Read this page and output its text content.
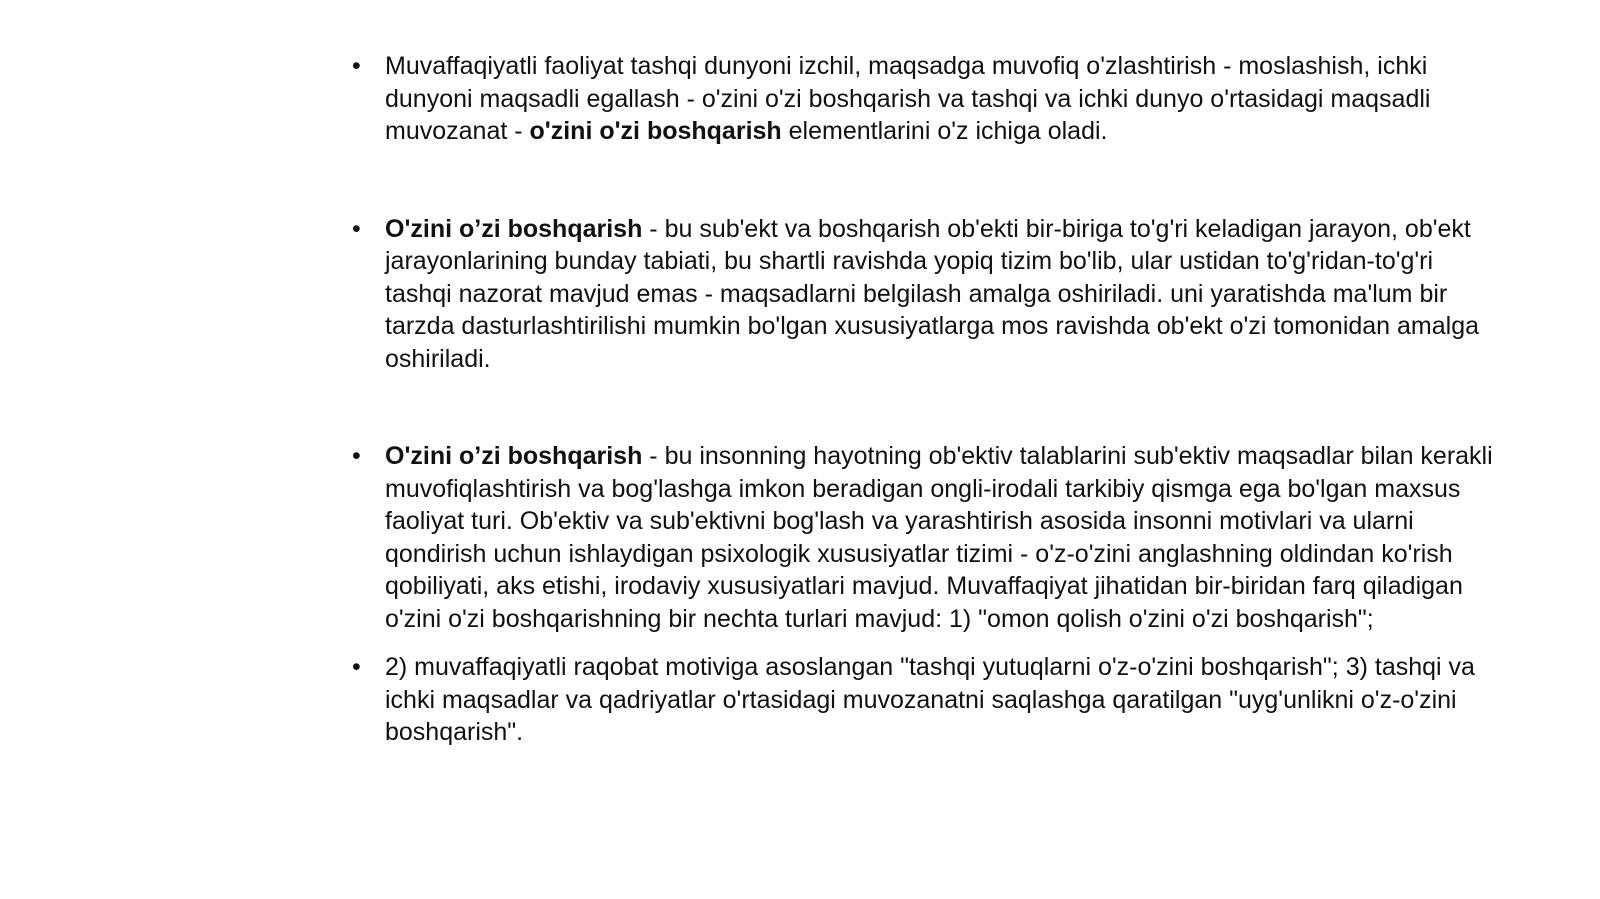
• Muvaffaqiyatli faoliyat tashqi dunyoni izchil, maqsadga muvofiq o'zlashtirish - moslashish, ichki dunyoni maqsadli egallash - o'zini o'zi boshqarish va tashqi va ichki dunyo o'rtasidagi maqsadli muvozanat - o'zini o'zi boshqarish elementlarini o'z ichiga oladi.
• O'zini o’zi boshqarish - bu sub'ekt va boshqarish ob'ekti bir-biriga to'g'ri keladigan jarayon, ob'ekt jarayonlarining bunday tabiati, bu shartli ravishda yopiq tizim bo'lib, ular ustidan to'g'ridan-to'g'ri tashqi nazorat mavjud emas - maqsadlarni belgilash amalga oshiriladi. uni yaratishda ma'lum bir tarzda dasturlashtirilishi mumkin bo'lgan xususiyatlarga mos ravishda ob'ekt o'zi tomonidan amalga oshiriladi.
• O'zini o’zi boshqarish - bu insonning hayotning ob'ektiv talablarini sub'ektiv maqsadlar bilan kerakli muvofiqlashtirish va bog'lashga imkon beradigan ongli-irodali tarkibiy qismga ega bo'lgan maxsus faoliyat turi. Ob'ektiv va sub'ektivni bog'lash va yarashtirish asosida insonni motivlari va ularni qondirish uchun ishlaydigan psixologik xususiyatlar tizimi - o'z-o'zini anglashning oldindan ko'rish qobiliyati, aks etishi, irodaviy xususiyatlari mavjud. Muvaffaqiyat jihatidan bir-biridan farq qiladigan o'zini o'zi boshqarishning bir nechta turlari mavjud: 1) "omon qolish o'zini o'zi boshqarish";
• 2) muvaffaqiyatli raqobat motiviga asoslangan "tashqi yutuqlarni o'z-o'zini boshqarish"; 3) tashqi va ichki maqsadlar va qadriyatlar o'rtasidagi muvozanatni saqlashga qaratilgan "uyg'unlikni o'z-o'zini boshqarish".
